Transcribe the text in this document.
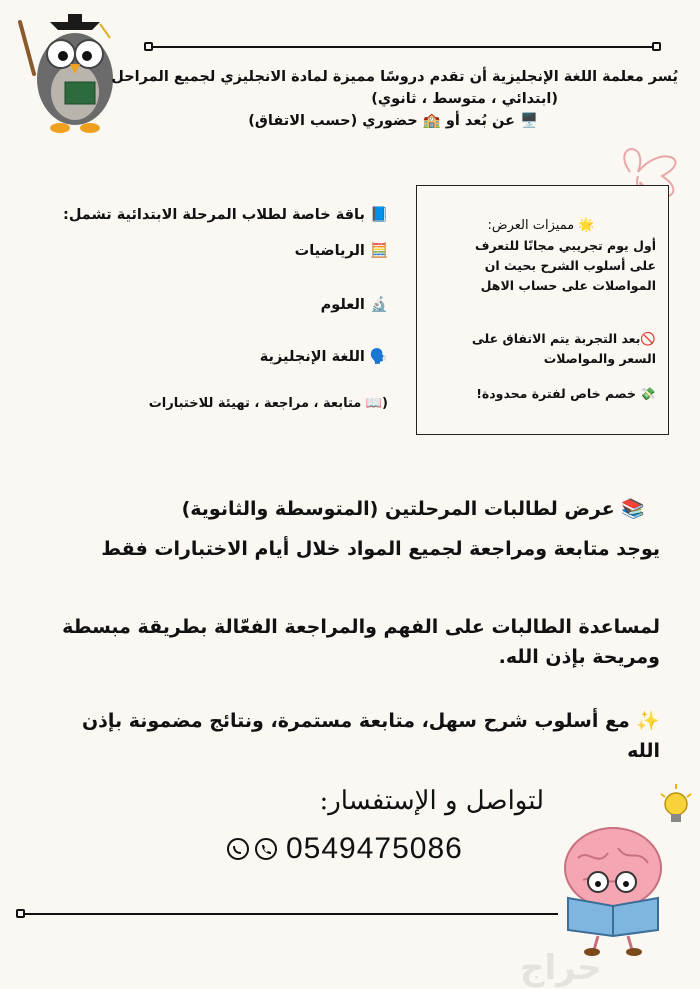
يُسر معلمة اللغة الإنجليزية أن تقدم دروسًا مميزة لمادة الانجليزي لجميع المراحل
(ابتدائي ، متوسط ، ثانوي)
🖥️ عن بُعد أو 🏫 حضوري (حسب الاتفاق)
📘 باقة خاصة لطلاب المرحلة الابتدائية تشمل:
🧮 الرياضيات
🔬 العلوم
🗣️ اللغة الإنجليزية
(📖 متابعة ، مراجعة ، تهيئة للاختبارات
🌟 مميزات العرض:
أول يوم تجريبي مجانًا للتعرف
على أسلوب الشرح بحيث ان
المواصلات على حساب الاهل
🚫بعد التجربة يتم الاتفاق على
السعر والمواصلات
💸 خصم خاص لفترة محدودة!
📚 عرض لطالبات المرحلتين (المتوسطة والثانوية)
يوجد متابعة ومراجعة لجميع المواد خلال أيام الاختبارات فقط
لمساعدة الطالبات على الفهم والمراجعة الفعّالة بطريقة مبسطة
ومريحة بإذن الله.
✨ مع أسلوب شرح سهل، متابعة مستمرة، ونتائج مضمونة بإذن
الله
لتواصل و الإستفسار:
0549475086
حراج
